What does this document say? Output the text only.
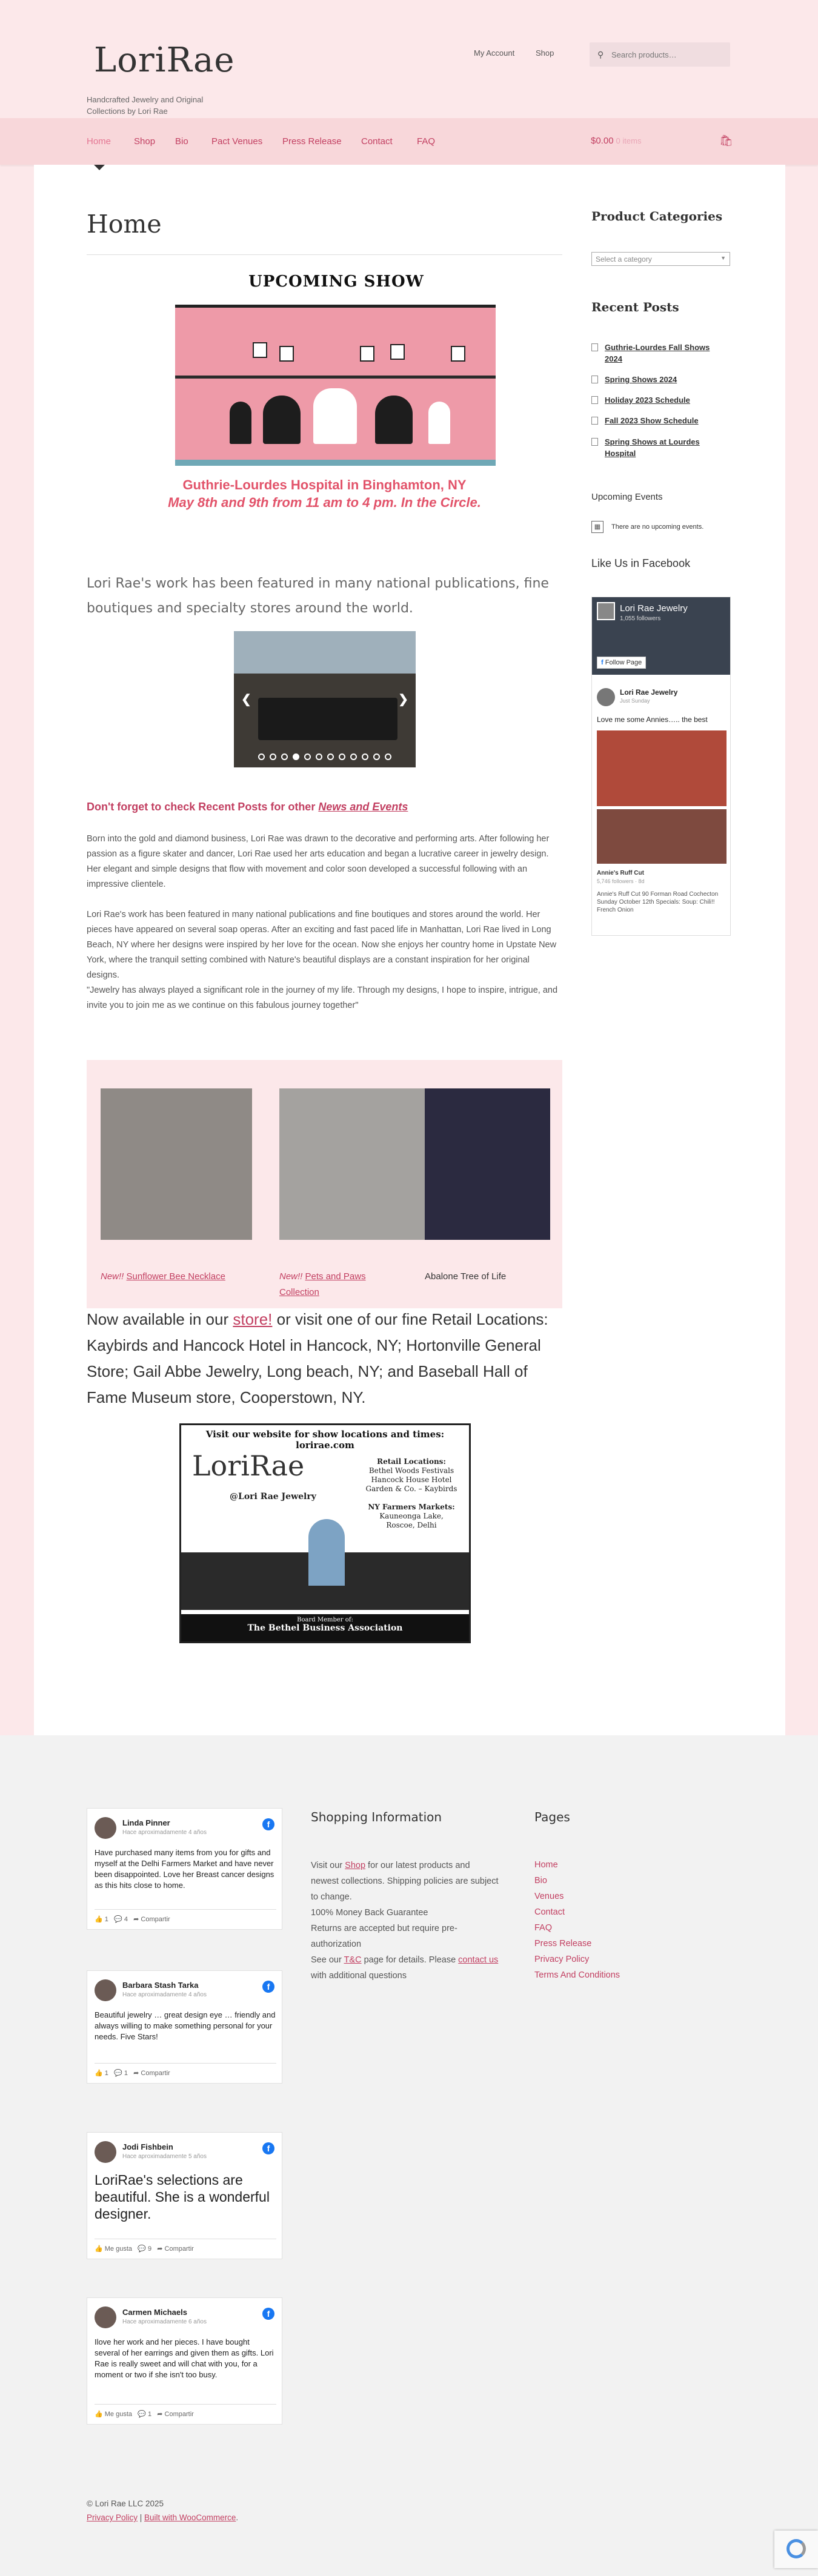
LoriRae
Handcrafted Jewelry and Original Collections by Lori Rae
My Account	Shop	⚲ Search products…
Home	Shop Bio	Pact Venues Press Release Contact	FAQ	$0.00 0 items	🛍
Home
UPCOMING SHOW
Guthrie-Lourdes Hospital in Binghamton, NY
May 8th and 9th from 11 am to 4 pm. In the Circle.

Lori Rae's work has been featured in many national publications, fine boutiques and specialty stores around the world.

❮	❯
Don't forget to check Recent Posts for other News and Events

Born into the gold and diamond business, Lori Rae was drawn to the decorative and performing arts. After following her passion as a figure skater and dancer, Lori Rae used her arts education and began a lucrative career in jewelry design. Her elegant and simple designs that flow with movement and color soon developed a successful following with an impressive clientele.

Lori Rae's work has been featured in many national publications and fine boutiques and stores around the world. Her pieces have appeared on several soap operas. After an exciting and fast paced life in Manhattan, Lori Rae lived in Long Beach, NY where her designs were inspired by her love for the ocean. Now she enjoys her country home in Upstate New York, where the tranquil setting combined with Nature's beautiful displays are a constant inspiration for her original designs.

"Jewelry has always played a significant role in the journey of my life. Through my designs, I hope to inspire, intrigue, and invite you to join me as we continue on this fabulous journey together"

New!! Sunflower Bee Necklace	New!! Pets and Paws Collection
Abalone Tree of Life

Now available in our store! or visit one of our fine Retail Locations: Kaybirds and Hancock Hotel in Hancock, NY; Hortonville General Store; Gail Abbe Jewelry, Long beach, NY; and Baseball Hall of Fame Museum store, Cooperstown, NY.

Visit our website for show locations and times: lorirae.com
LoriRae
@Lori Rae Jewelry

Retail Locations:

Bethel Woods Festivals
Hancock House Hotel
Garden & Co. – Kaybirds

NY Farmers Markets:

Kauneonga Lake,
Roscoe, Delhi

Board Member of:
The Bethel Business Association
Product Categories
Select a category	▼
Recent Posts
Guthrie-Lourdes Fall Shows 2024
Spring Shows 2024
Holiday 2023 Schedule
Fall 2023 Show Schedule
Spring Shows at Lourdes Hospital
Upcoming Events
▦	There are no upcoming events.
Like Us in Facebook
Lori Rae Jewelry
1,055 followers
f Follow Page
Lori Rae Jewelry
Just Sunday
Love me some Annies….. the best
Annie's Ruff Cut
5,746 followers · 8d
Annie's Ruff Cut 90 Forman Road Cochecton Sunday October 12th Specials: Soup: Chili!! French Onion
Linda Pinner
Hace aproximadamente 4 años
f
Have purchased many items from you for gifts and myself at the Delhi Farmers Market and have never been disappointed. Love her Breast cancer designs as this hits close to home.
👍 1   💬 4   ➦ Compartir
Barbara Stash Tarka
Hace aproximadamente 4 años
f
Beautiful jewelry … great design eye … friendly and always willing to make something personal for your needs. Five Stars!
👍 1   💬 1   ➦ Compartir
Jodi Fishbein
Hace aproximadamente 5 años
f
LoriRae's selections are beautiful. She is a wonderful designer.
👍 Me gusta   💬 9   ➦ Compartir
Carmen Michaels
Hace aproximadamente 6 años
f
Ilove her work and her pieces. I have bought several of her earrings and given them as gifts. Lori Rae is really sweet and will chat with you, for a moment or two if she isn't too busy.
👍 Me gusta   💬 1   ➦ Compartir
Shopping Information
Visit our Shop for our latest products and newest collections. Shipping policies are subject to change.
100% Money Back Guarantee
Returns are accepted but require pre-authorization
See our T&C page for details. Please contact us with additional questions
Pages
Home
Bio
Venues
Contact
FAQ
Press Release
Privacy Policy
Terms And Conditions
© Lori Rae LLC 2025
Privacy Policy | Built with WooCommerce.
